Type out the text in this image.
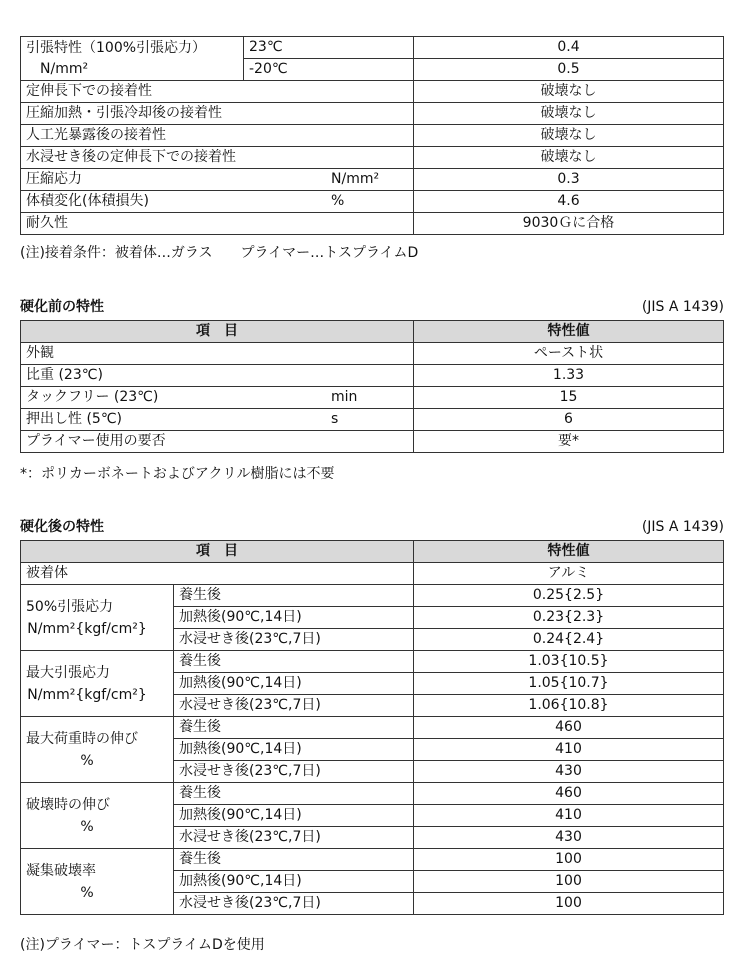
引張特性（100%引張応力）
N/mm²	23℃	0.4
	-20℃	0.5
定伸長下での接着性		破壊なし
圧縮加熱・引張冷却後の接着性		破壊なし
人工光暴露後の接着性		破壊なし
水浸せき後の定伸長下での接着性		破壊なし
圧縮応力 N/mm²		0.3
体積変化(体積損失) %		4.6
耐久性		9030Ｇに合格
(注)接着条件：被着体…ガラス　　プライマー…トスプライムD
硬化前の特性	(JIS A 1439)
項　目	特性値
外観	ペースト状
比重 (23℃)	1.33
タックフリー (23℃) min	15
押出し性 (5℃) s	6
プライマー使用の要否	要*
*：ポリカーボネートおよびアクリル樹脂には不要
硬化後の特性	(JIS A 1439)
項　目		特性値
被着体		アルミ
50%引張応力
N/mm²{kgf/cm²}	養生後	0.25{2.5}
	加熱後(90℃,14日)	0.23{2.3}
	水浸せき後(23℃,7日)	0.24{2.4}
最大引張応力
N/mm²{kgf/cm²}	養生後	1.03{10.5}
	加熱後(90℃,14日)	1.05{10.7}
	水浸せき後(23℃,7日)	1.06{10.8}
最大荷重時の伸び
%	養生後	460
	加熱後(90℃,14日)	410
	水浸せき後(23℃,7日)	430
破壊時の伸び
%	養生後	460
	加熱後(90℃,14日)	410
	水浸せき後(23℃,7日)	430
凝集破壊率
%	養生後	100
	加熱後(90℃,14日)	100
	水浸せき後(23℃,7日)	100
(注)プライマー：トスプライムDを使用
